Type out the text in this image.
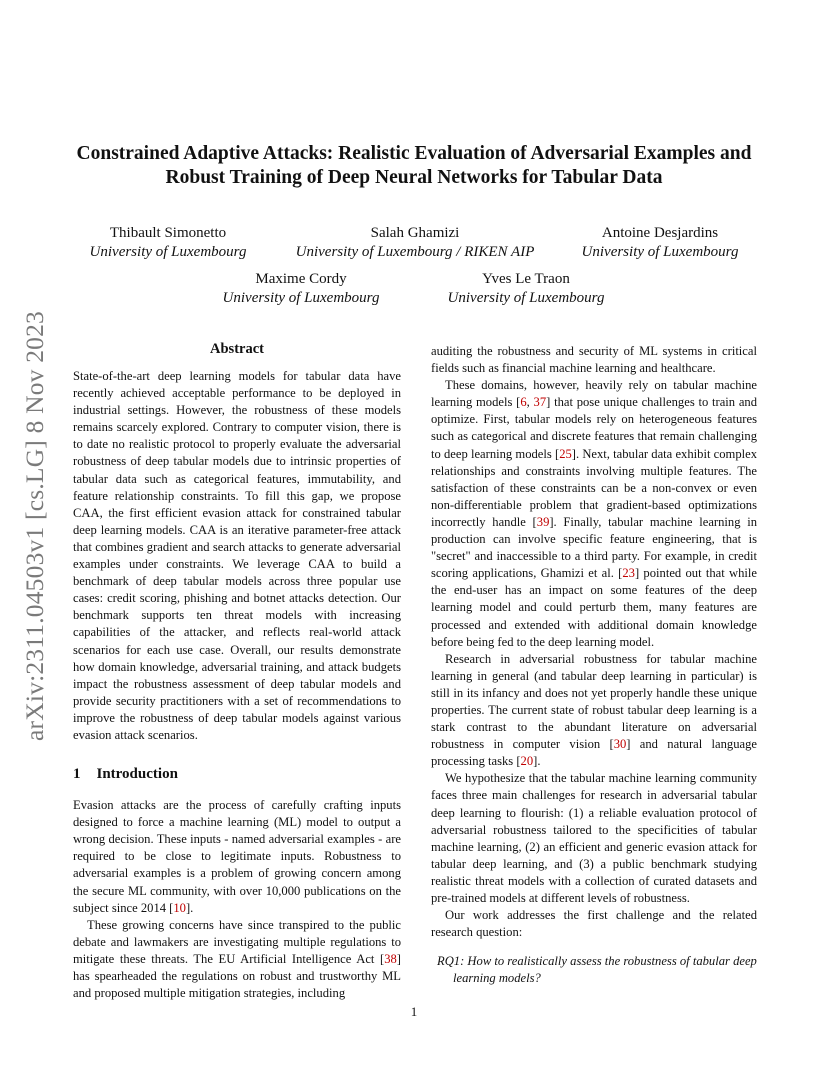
arXiv:2311.04503v1 [cs.LG] 8 Nov 2023
Constrained Adaptive Attacks: Realistic Evaluation of Adversarial Examples and
Robust Training of Deep Neural Networks for Tabular Data
Thibault Simonetto
University of Luxembourg
Salah Ghamizi
University of Luxembourg / RIKEN AIP
Antoine Desjardins
University of Luxembourg
Maxime Cordy
University of Luxembourg
Yves Le Traon
University of Luxembourg
Abstract

State-of-the-art deep learning models for tabular data have recently achieved acceptable performance to be deployed in industrial settings. However, the robustness of these models remains scarcely explored. Contrary to computer vision, there is to date no realistic protocol to properly evaluate the adversarial robustness of deep tabular models due to intrinsic properties of tabular data such as categorical features, immutability, and feature relationship constraints. To fill this gap, we propose CAA, the first efficient evasion attack for constrained tabular deep learning models. CAA is an iterative parameter-free attack that combines gradient and search attacks to generate adversarial examples under constraints. We leverage CAA to build a benchmark of deep tabular models across three popular use cases: credit scoring, phishing and botnet attacks detection. Our benchmark supports ten threat models with increasing capabilities of the attacker, and reflects real-world attack scenarios for each use case. Overall, our results demonstrate how domain knowledge, adversarial training, and attack budgets impact the robustness assessment of deep tabular models and provide security practitioners with a set of recommendations to improve the robustness of deep tabular models against various evasion attack scenarios.

1 Introduction

Evasion attacks are the process of carefully crafting inputs designed to force a machine learning (ML) model to output a wrong decision. These inputs - named adversarial examples - are required to be close to legitimate inputs. Robustness to adversarial examples is a problem of growing concern among the secure ML community, with over 10,000 publications on the subject since 2014 [10].

These growing concerns have since transpired to the public debate and lawmakers are investigating multiple regulations to mitigate these threats. The EU Artificial Intelligence Act [38] has spearheaded the regulations on robust and trustworthy ML and proposed multiple mitigation strategies, including

auditing the robustness and security of ML systems in critical fields such as financial machine learning and healthcare.

These domains, however, heavily rely on tabular machine learning models [6, 37] that pose unique challenges to train and optimize. First, tabular models rely on heterogeneous features such as categorical and discrete features that remain challenging to deep learning models [25]. Next, tabular data exhibit complex relationships and constraints involving multiple features. The satisfaction of these constraints can be a non-convex or even non-differentiable problem that gradient-based optimizations incorrectly handle [39]. Finally, tabular machine learning in production can involve specific feature engineering, that is "secret" and inaccessible to a third party. For example, in credit scoring applications, Ghamizi et al. [23] pointed out that while the end-user has an impact on some features of the deep learning model and could perturb them, many features are processed and extended with additional domain knowledge before being fed to the deep learning model.

Research in adversarial robustness for tabular machine learning in general (and tabular deep learning in particular) is still in its infancy and does not yet properly handle these unique properties. The current state of robust tabular deep learning is a stark contrast to the abundant literature on adversarial robustness in computer vision [30] and natural language processing tasks [20].

We hypothesize that the tabular machine learning community faces three main challenges for research in adversarial tabular deep learning to flourish: (1) a reliable evaluation protocol of adversarial robustness tailored to the specificities of tabular machine learning, (2) an efficient and generic evasion attack for tabular deep learning, and (3) a public benchmark studying realistic threat models with a collection of curated datasets and pre-trained models at different levels of robustness.

Our work addresses the first challenge and the related research question:

RQ1: How to realistically assess the robustness of tabular deep learning models?

1
